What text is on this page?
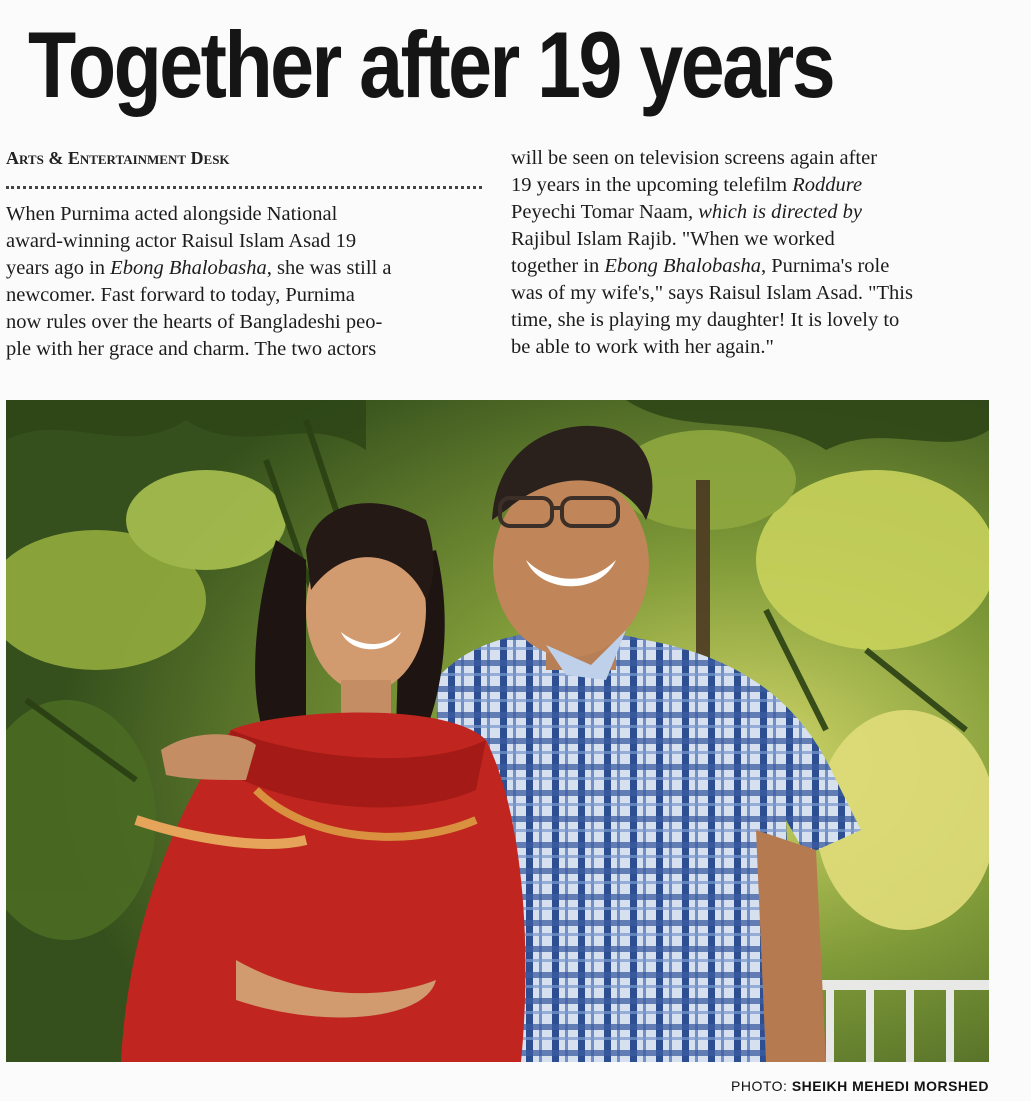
Together after 19 years
Arts & Entertainment Desk
When Purnima acted alongside National
award-winning actor Raisul Islam Asad 19
years ago in Ebong Bhalobasha, she was still a
newcomer. Fast forward to today, Purnima
now rules over the hearts of Bangladeshi peo-
ple with her grace and charm. The two actors
will be seen on television screens again after
19 years in the upcoming telefilm Roddure
Peyechi Tomar Naam, which is directed by
Rajibul Islam Rajib. "When we worked
together in Ebong Bhalobasha, Purnima's role
was of my wife's," says Raisul Islam Asad. "This
time, she is playing my daughter! It is lovely to
be able to work with her again."
PHOTO: SHEIKH MEHEDI MORSHED
